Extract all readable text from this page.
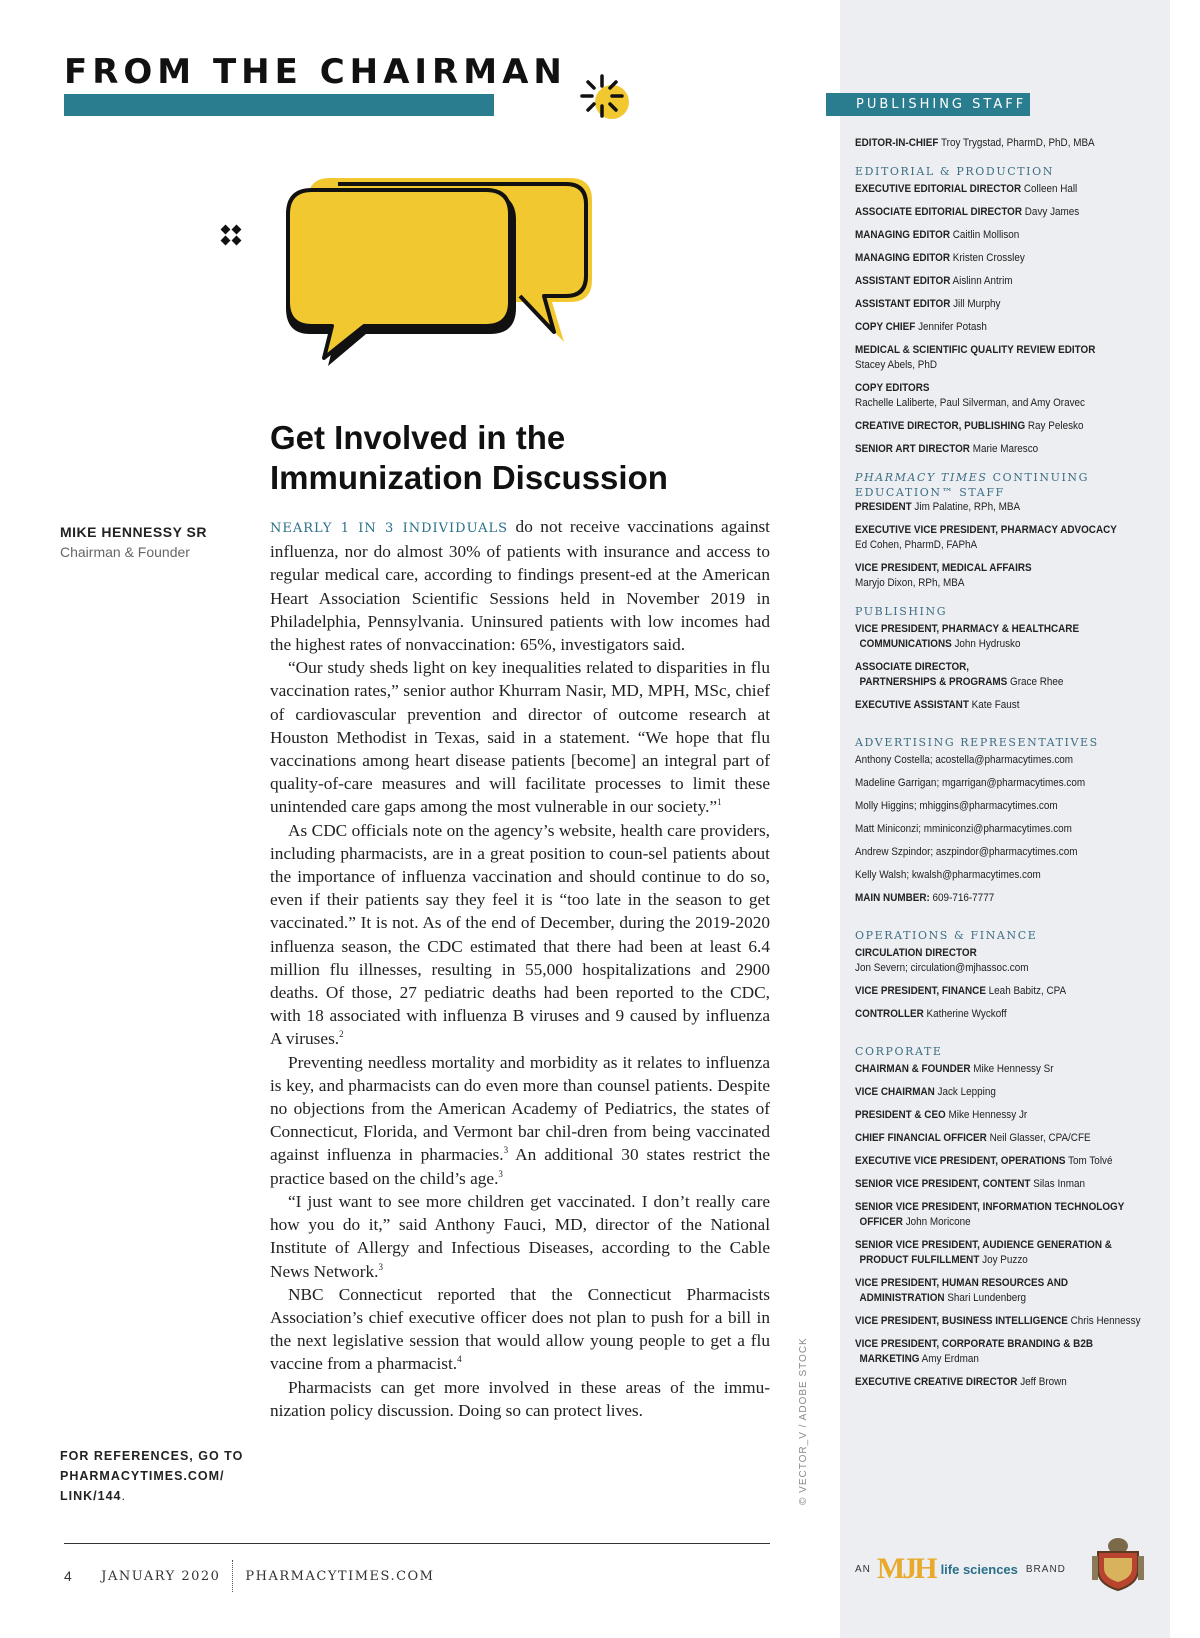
FROM THE CHAIRMAN
Get Involved in the
Immunization Discussion
MIKE HENNESSY SR
Chairman & Founder

NEARLY 1 IN 3 INDIVIDUALS do not receive vaccinations against influenza, nor do almost 30% of patients with insurance and access to regular medical care, according to findings present-ed at the American Heart Association Scientific Sessions held in November 2019 in Philadelphia, Pennsylvania. Uninsured patients with low incomes had the highest rates of nonvaccination: 65%, investigators said.

“Our study sheds light on key inequalities related to disparities in flu vaccination rates,” senior author Khurram Nasir, MD, MPH, MSc, chief of cardiovascular prevention and director of outcome research at Houston Methodist in Texas, said in a statement. “We hope that flu vaccinations among heart disease patients [become] an integral part of quality-of-care measures and will facilitate processes to limit these unintended care gaps among the most vulnerable in our society.”$^1$

As CDC officials note on the agency’s website, health care providers, including pharmacists, are in a great position to coun-sel patients about the importance of influenza vaccination and should continue to do so, even if their patients say they feel it is “too late in the season to get vaccinated.” It is not. As of the end of December, during the 2019-2020 influenza season, the CDC estimated that there had been at least 6.4 million flu illnesses, resulting in 55,000 hospitalizations and 2900 deaths. Of those, 27 pediatric deaths had been reported to the CDC, with 18 associated with influenza B viruses and 9 caused by influenza A viruses.$^2$

Preventing needless mortality and morbidity as it relates to influenza is key, and pharmacists can do even more than counsel patients. Despite no objections from the American Academy of Pediatrics, the states of Connecticut, Florida, and Vermont bar chil-dren from being vaccinated against influenza in pharmacies.$^3$ An additional 30 states restrict the practice based on the child’s age.$^3$

“I just want to see more children get vaccinated. I don’t really care how you do it,” said Anthony Fauci, MD, director of the National Institute of Allergy and Infectious Diseases, according to the Cable News Network.$^3$

NBC Connecticut reported that the Connecticut Pharmacists Association’s chief executive officer does not plan to push for a bill in the next legislative session that would allow young people to get a flu vaccine from a pharmacist.$^4$

Pharmacists can get more involved in these areas of the immu-nization policy discussion. Doing so can protect lives.

FOR REFERENCES, GO TO
PHARMACYTIMES.COM/
LINK/144.	© VECTOR_V / ADOBE STOCK
4 JANUARY 2020 PHARMACYTIMES.COM
PUBLISHING STAFF
EDITOR-IN-CHIEF Troy Trygstad, PharmD, PhD, MBA
EDITORIAL & PRODUCTION
EXECUTIVE EDITORIAL DIRECTOR Colleen Hall
ASSOCIATE EDITORIAL DIRECTOR Davy James
MANAGING EDITOR Caitlin Mollison
MANAGING EDITOR Kristen Crossley
ASSISTANT EDITOR Aislinn Antrim
ASSISTANT EDITOR Jill Murphy
COPY CHIEF Jennifer Potash
MEDICAL & SCIENTIFIC QUALITY REVIEW EDITOR
Stacey Abels, PhD
COPY EDITORS
Rachelle Laliberte, Paul Silverman, and Amy Oravec
CREATIVE DIRECTOR, PUBLISHING Ray Pelesko
SENIOR ART DIRECTOR Marie Maresco
PHARMACY TIMES CONTINUING EDUCATION™ STAFF
PRESIDENT Jim Palatine, RPh, MBA
EXECUTIVE VICE PRESIDENT, PHARMACY ADVOCACY
Ed Cohen, PharmD, FAPhA
VICE PRESIDENT, MEDICAL AFFAIRS
Maryjo Dixon, RPh, MBA
PUBLISHING
VICE PRESIDENT, PHARMACY & HEALTHCARE
COMMUNICATIONS John Hydrusko
ASSOCIATE DIRECTOR,
PARTNERSHIPS & PROGRAMS Grace Rhee
EXECUTIVE ASSISTANT Kate Faust
ADVERTISING REPRESENTATIVES
Anthony Costella; acostella@pharmacytimes.com
Madeline Garrigan; mgarrigan@pharmacytimes.com
Molly Higgins; mhiggins@pharmacytimes.com
Matt Miniconzi; mminiconzi@pharmacytimes.com
Andrew Szpindor; aszpindor@pharmacytimes.com
Kelly Walsh; kwalsh@pharmacytimes.com
MAIN NUMBER: 609-716-7777
OPERATIONS & FINANCE
CIRCULATION DIRECTOR
Jon Severn; circulation@mjhassoc.com
VICE PRESIDENT, FINANCE Leah Babitz, CPA
CONTROLLER Katherine Wyckoff
CORPORATE
CHAIRMAN & FOUNDER Mike Hennessy Sr
VICE CHAIRMAN Jack Lepping
PRESIDENT & CEO Mike Hennessy Jr
CHIEF FINANCIAL OFFICER Neil Glasser, CPA/CFE
EXECUTIVE VICE PRESIDENT, OPERATIONS Tom Tolvé
SENIOR VICE PRESIDENT, CONTENT Silas Inman
SENIOR VICE PRESIDENT, INFORMATION TECHNOLOGY
OFFICER John Moricone
SENIOR VICE PRESIDENT, AUDIENCE GENERATION &
PRODUCT FULFILLMENT Joy Puzzo
VICE PRESIDENT, HUMAN RESOURCES AND
ADMINISTRATION Shari Lundenberg
VICE PRESIDENT, BUSINESS INTELLIGENCE Chris Hennessy
VICE PRESIDENT, CORPORATE BRANDING & B2B
MARKETING Amy Erdman
EXECUTIVE CREATIVE DIRECTOR Jeff Brown
AN MJH life sciences BRAND
